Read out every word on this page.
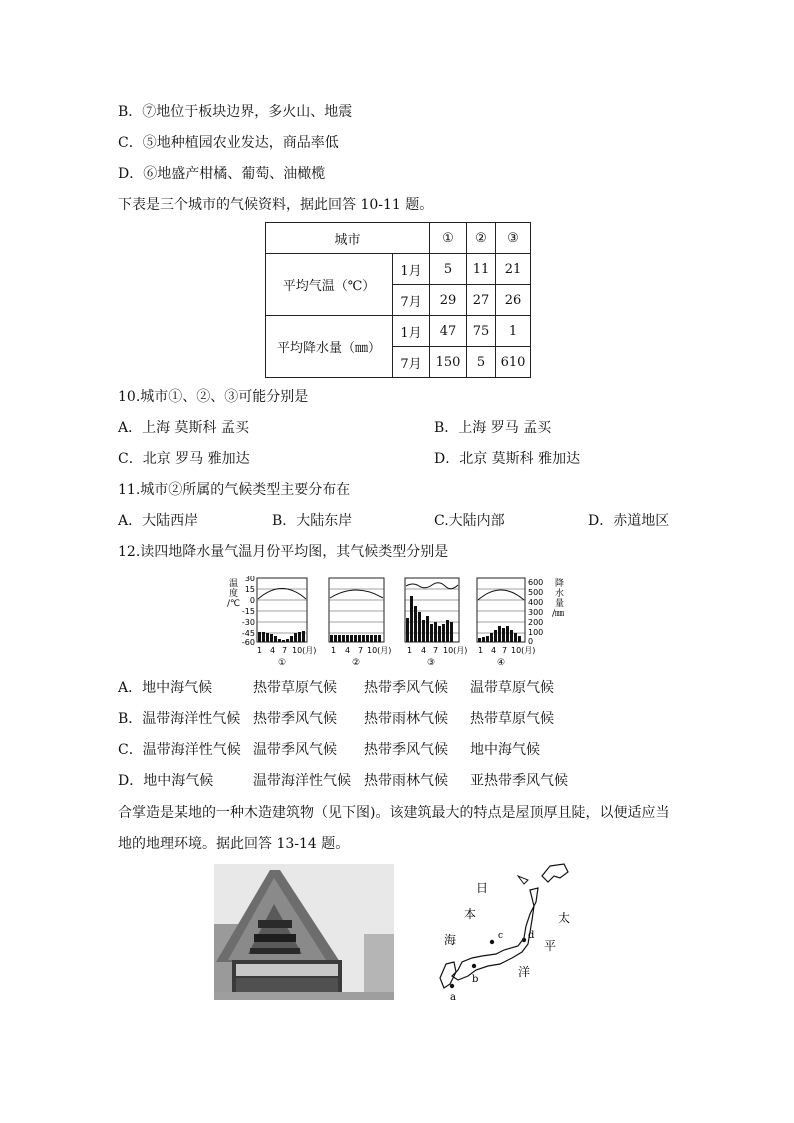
B．⑦地位于板块边界，多火山、地震
C．⑤地种植园农业发达，商品率低
D．⑥地盛产柑橘、葡萄、油橄榄
下表是三个城市的气候资料，据此回答 10-11 题。
城市		①	②	③
平均气温（℃）	1月	5	11	21
	7月	29	27	26
平均降水量（㎜）	1月	47	75	1
	7月	150	5	610
10.城市①、②、③可能分别是
A．上海 莫斯科 孟买	B．上海 罗马 孟买
C．北京 罗马 雅加达	D．北京 莫斯科 雅加达
11.城市②所属的气候类型主要分布在
A．大陆西岸	B．大陆东岸	C.大陆内部	D．赤道地区
12.读四地降水量气温月份平均图，其气候类型分别是
温
度
/℃
30
15
0
-15
-30
-45
-60
600
500
400
300
200
100
0
降
水
量
/㎜
1 4 7 10(月) 1 4 7 10(月) 1 4 7 10(月) 1 4 7 10(月)
①	②	③	④
A．地中海气候	热带草原气候 热带季风气候 温带草原气候
B．温带海洋性气候 热带季风气候 热带雨林气候 热带草原气候
C．温带海洋性气候 温带季风气候 热带季风气候 地中海气候
D．地中海气候	温带海洋性气候 热带雨林气候 亚热带季风气候
合掌造是某地的一种木造建筑物（见下图)。该建筑最大的特点是屋顶厚且陡，以便适应当
地的地理环境。据此回答 13-14 题。
日
本
海
太
平
洋
a
b
c d
